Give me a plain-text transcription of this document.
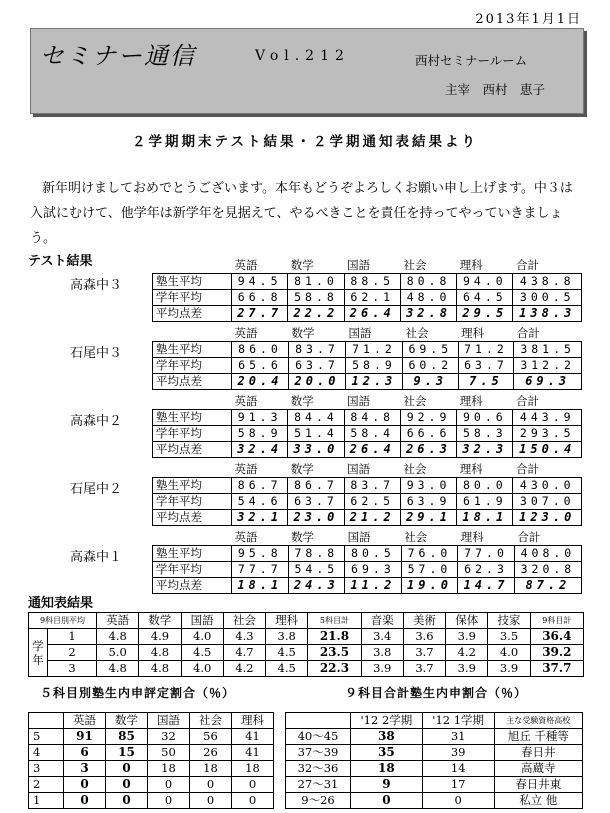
2013年1月1日
セミナー通信	Vol.212	西村セミナールーム
主宰　西村　恵子
２学期期末テスト結果・２学期通知表結果より
新年明けましておめでとうございます。本年もどうぞよろしくお願い申し上げます。中３は入試にむけて、他学年は新学年を見据えて、やるべきことを責任を持ってやっていきましょう。
テスト結果
高森中３
	英語	数学	国語	社会	理科	合計
塾生平均	94.5	81.0	88.5	80.8	94.0	438.8
学年平均	66.8	58.8	62.1	48.0	64.5	300.5
平均点差	27.7	22.2	26.4	32.8	29.5	138.3
石尾中３
	英語	数学	国語	社会	理科	合計
塾生平均	86.0	83.7	71.2	69.5	71.2	381.5
学年平均	65.6	63.7	58.9	60.2	63.7	312.2
平均点差	20.4	20.0	12.3	9.3	7.5	69.3
高森中２
	英語	数学	国語	社会	理科	合計
塾生平均	91.3	84.4	84.8	92.9	90.6	443.9
学年平均	58.9	51.4	58.4	66.6	58.3	293.5
平均点差	32.4	33.0	26.4	26.3	32.3	150.4
石尾中２
	英語	数学	国語	社会	理科	合計
塾生平均	86.7	86.7	83.7	93.0	80.0	430.0
学年平均	54.6	63.7	62.5	63.9	61.9	307.0
平均点差	32.1	23.0	21.2	29.1	18.1	123.0
高森中１
	英語	数学	国語	社会	理科	合計
塾生平均	95.8	78.8	80.5	76.0	77.0	408.0
学年平均	77.7	54.5	69.3	57.0	62.3	320.8
平均点差	18.1	24.3	11.2	19.0	14.7	87.2
通知表結果
9科目別平均		英語	数学	国語	社会	理科	5科目計	音楽	美術	保体	技家	9科目計
学年	1	4.8	4.9	4.0	4.3	3.8	21.8	3.4	3.6	3.9	3.5	36.4
	2	5.0	4.8	4.5	4.7	4.5	23.5	3.8	3.7	4.2	4.0	39.2
	3	4.8	4.8	4.0	4.2	4.5	22.3	3.9	3.7	3.9	3.9	37.7
５科目別塾生内申評定割合（％）	９科目合計塾生内申割合（％）
	英語	数学	国語	社会	理科
5	91	85	32	56	41
4	6	15	50	26	41
3	3	0	18	18	18
2	0	0	0	0	0
1	0	0	0	0	0
	'12 2学期	'12 1学期	主な受験資格高校
40～45	38	31	旭丘 千種等
37～39	35	39	春日井
32～36	18	14	高蔵寺
27～31	9	17	春日井東
9～26	0	0	私立 他
